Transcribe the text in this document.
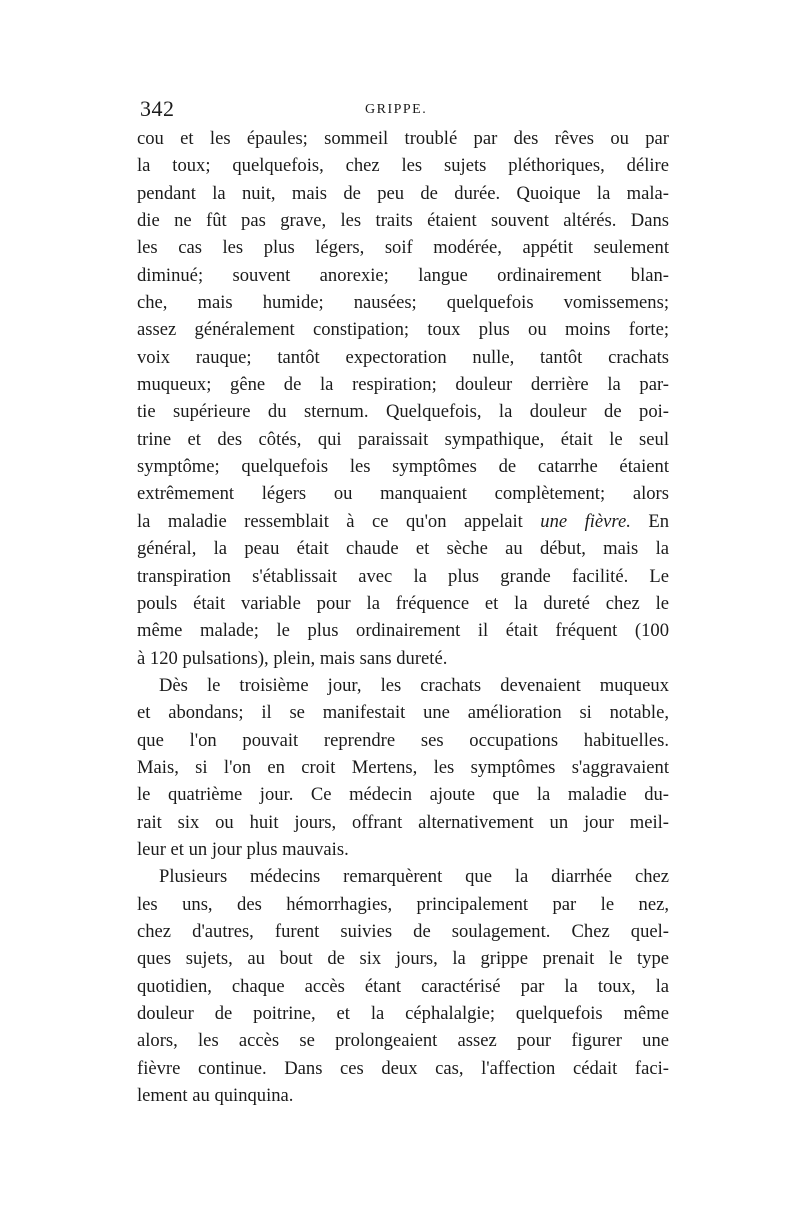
342	GRIPPE.
cou et les épaules; sommeil troublé par des rêves ou par
la toux; quelquefois, chez les sujets pléthoriques, délire
pendant la nuit, mais de peu de durée. Quoique la mala-
die ne fût pas grave, les traits étaient souvent altérés. Dans
les cas les plus légers, soif modérée, appétit seulement
diminué; souvent anorexie; langue ordinairement blan-
che, mais humide; nausées; quelquefois vomissemens;
assez généralement constipation; toux plus ou moins forte;
voix rauque; tantôt expectoration nulle, tantôt crachats
muqueux; gêne de la respiration; douleur derrière la par-
tie supérieure du sternum. Quelquefois, la douleur de poi-
trine et des côtés, qui paraissait sympathique, était le seul
symptôme; quelquefois les symptômes de catarrhe étaient
extrêmement légers ou manquaient complètement; alors
la maladie ressemblait à ce qu'on appelait une fièvre. En
général, la peau était chaude et sèche au début, mais la
transpiration s'établissait avec la plus grande facilité. Le
pouls était variable pour la fréquence et la dureté chez le
même malade; le plus ordinairement il était fréquent (100
à 120 pulsations), plein, mais sans dureté.
Dès le troisième jour, les crachats devenaient muqueux
et abondans; il se manifestait une amélioration si notable,
que l'on pouvait reprendre ses occupations habituelles.
Mais, si l'on en croit Mertens, les symptômes s'aggravaient
le quatrième jour. Ce médecin ajoute que la maladie du-
rait six ou huit jours, offrant alternativement un jour meil-
leur et un jour plus mauvais.
Plusieurs médecins remarquèrent que la diarrhée chez
les uns, des hémorrhagies, principalement par le nez,
chez d'autres, furent suivies de soulagement. Chez quel-
ques sujets, au bout de six jours, la grippe prenait le type
quotidien, chaque accès étant caractérisé par la toux, la
douleur de poitrine, et la céphalalgie; quelquefois même
alors, les accès se prolongeaient assez pour figurer une
fièvre continue. Dans ces deux cas, l'affection cédait faci-
lement au quinquina.
